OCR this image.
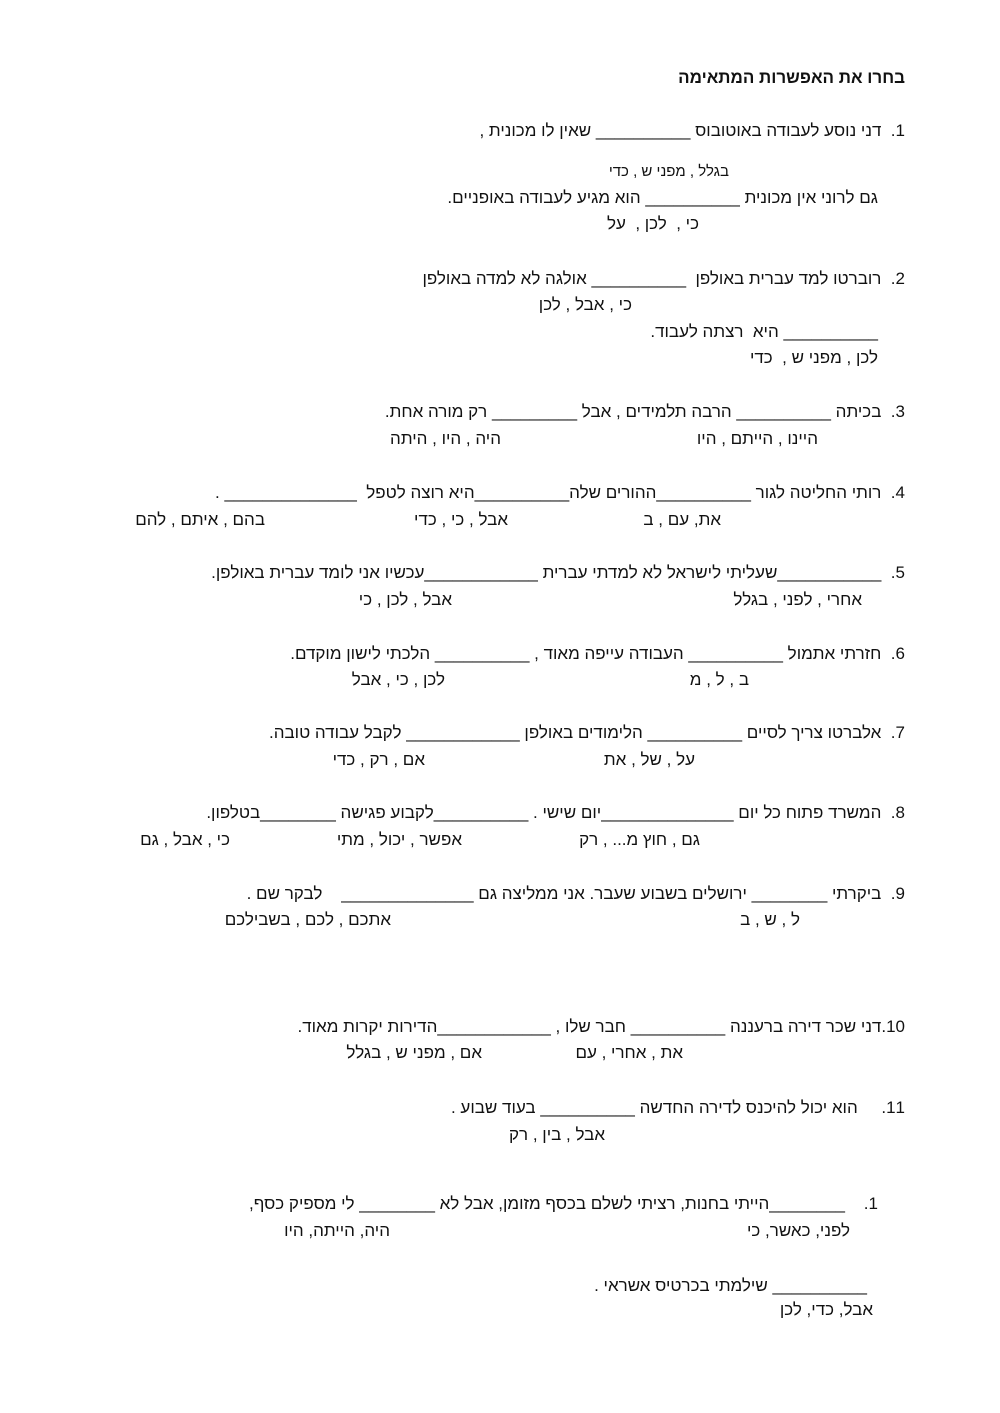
בחרו את האפשרות המתאימה
1.  דני נוסע לעבודה באוטובוס __________ שאין לו מכונית ,
בגלל , מפני ש , כדי
גם לרוני אין מכונית __________ הוא מגיע לעבודה באופניים.
כי ,  לכן ,  על
2.  רוברטו למד עברית באולפן  __________ אולגה לא למדה באולפן
כי , אבל , לכן
__________ היא  רצתה לעבוד.
לכן , מפני ש ,  כדי
3.  בכיתה __________ הרבה תלמידים , אבל _________ רק מורה אחת.
היינו , הייתם , היו
היה , היו , היתה
4.  רותי החליטה לגור __________ההורים שלה__________היא רוצה לטפל  ______________ .
את, עם , ב
אבל , כי , כדי
בהם , איתם , להם
5.  ___________שעליתי לישראל לא למדתי עברית ____________עכשיו אני לומד עברית באולפן.
אחרי , לפני , בגלל
אבל , לכן , כי
6.  חזרתי אתמול __________ העבודה עייפה מאוד , __________ הלכתי לישון מוקדם.
ב , ל , מ
לכן , כי , אבל
7.  אלברטו צריך לסיים __________ הלימודים באולפן ____________ לקבל עבודה טובה.
על , של , את
אם , רק , כדי
8.  המשרד פתוח כל יום ______________יום שישי . __________לקבוע פגישה ________בטלפון.
גם , חוץ מ... , רק
אפשר , יכול , מתי
כי , אבל , גם
9.  ביקרתי ________ ירושלים בשבוע שעבר. אני ממליצה גם ______________    לבקר שם .
ל , ש , ב
אתכם , לכם , בשבילכם
10.דני שכר דירה ברעננה __________ חבר שלו , ____________הדירות יקרות מאוד.
את , אחרי , עם
אם , מפני ש , בגלל
11.     הוא יכול להיכנס לדירה החדשה __________ בעוד שבוע .
אבל , בין , רק
1.    ________הייתי בחנות, רציתי לשלם בכסף מזומן, אבל לא ________ לי מספיק כסף,
לפני, כאשר, כי
היה, הייתה, היו
__________ שילמתי בכרטיס אשראי .
אבל, כדי, לכן
